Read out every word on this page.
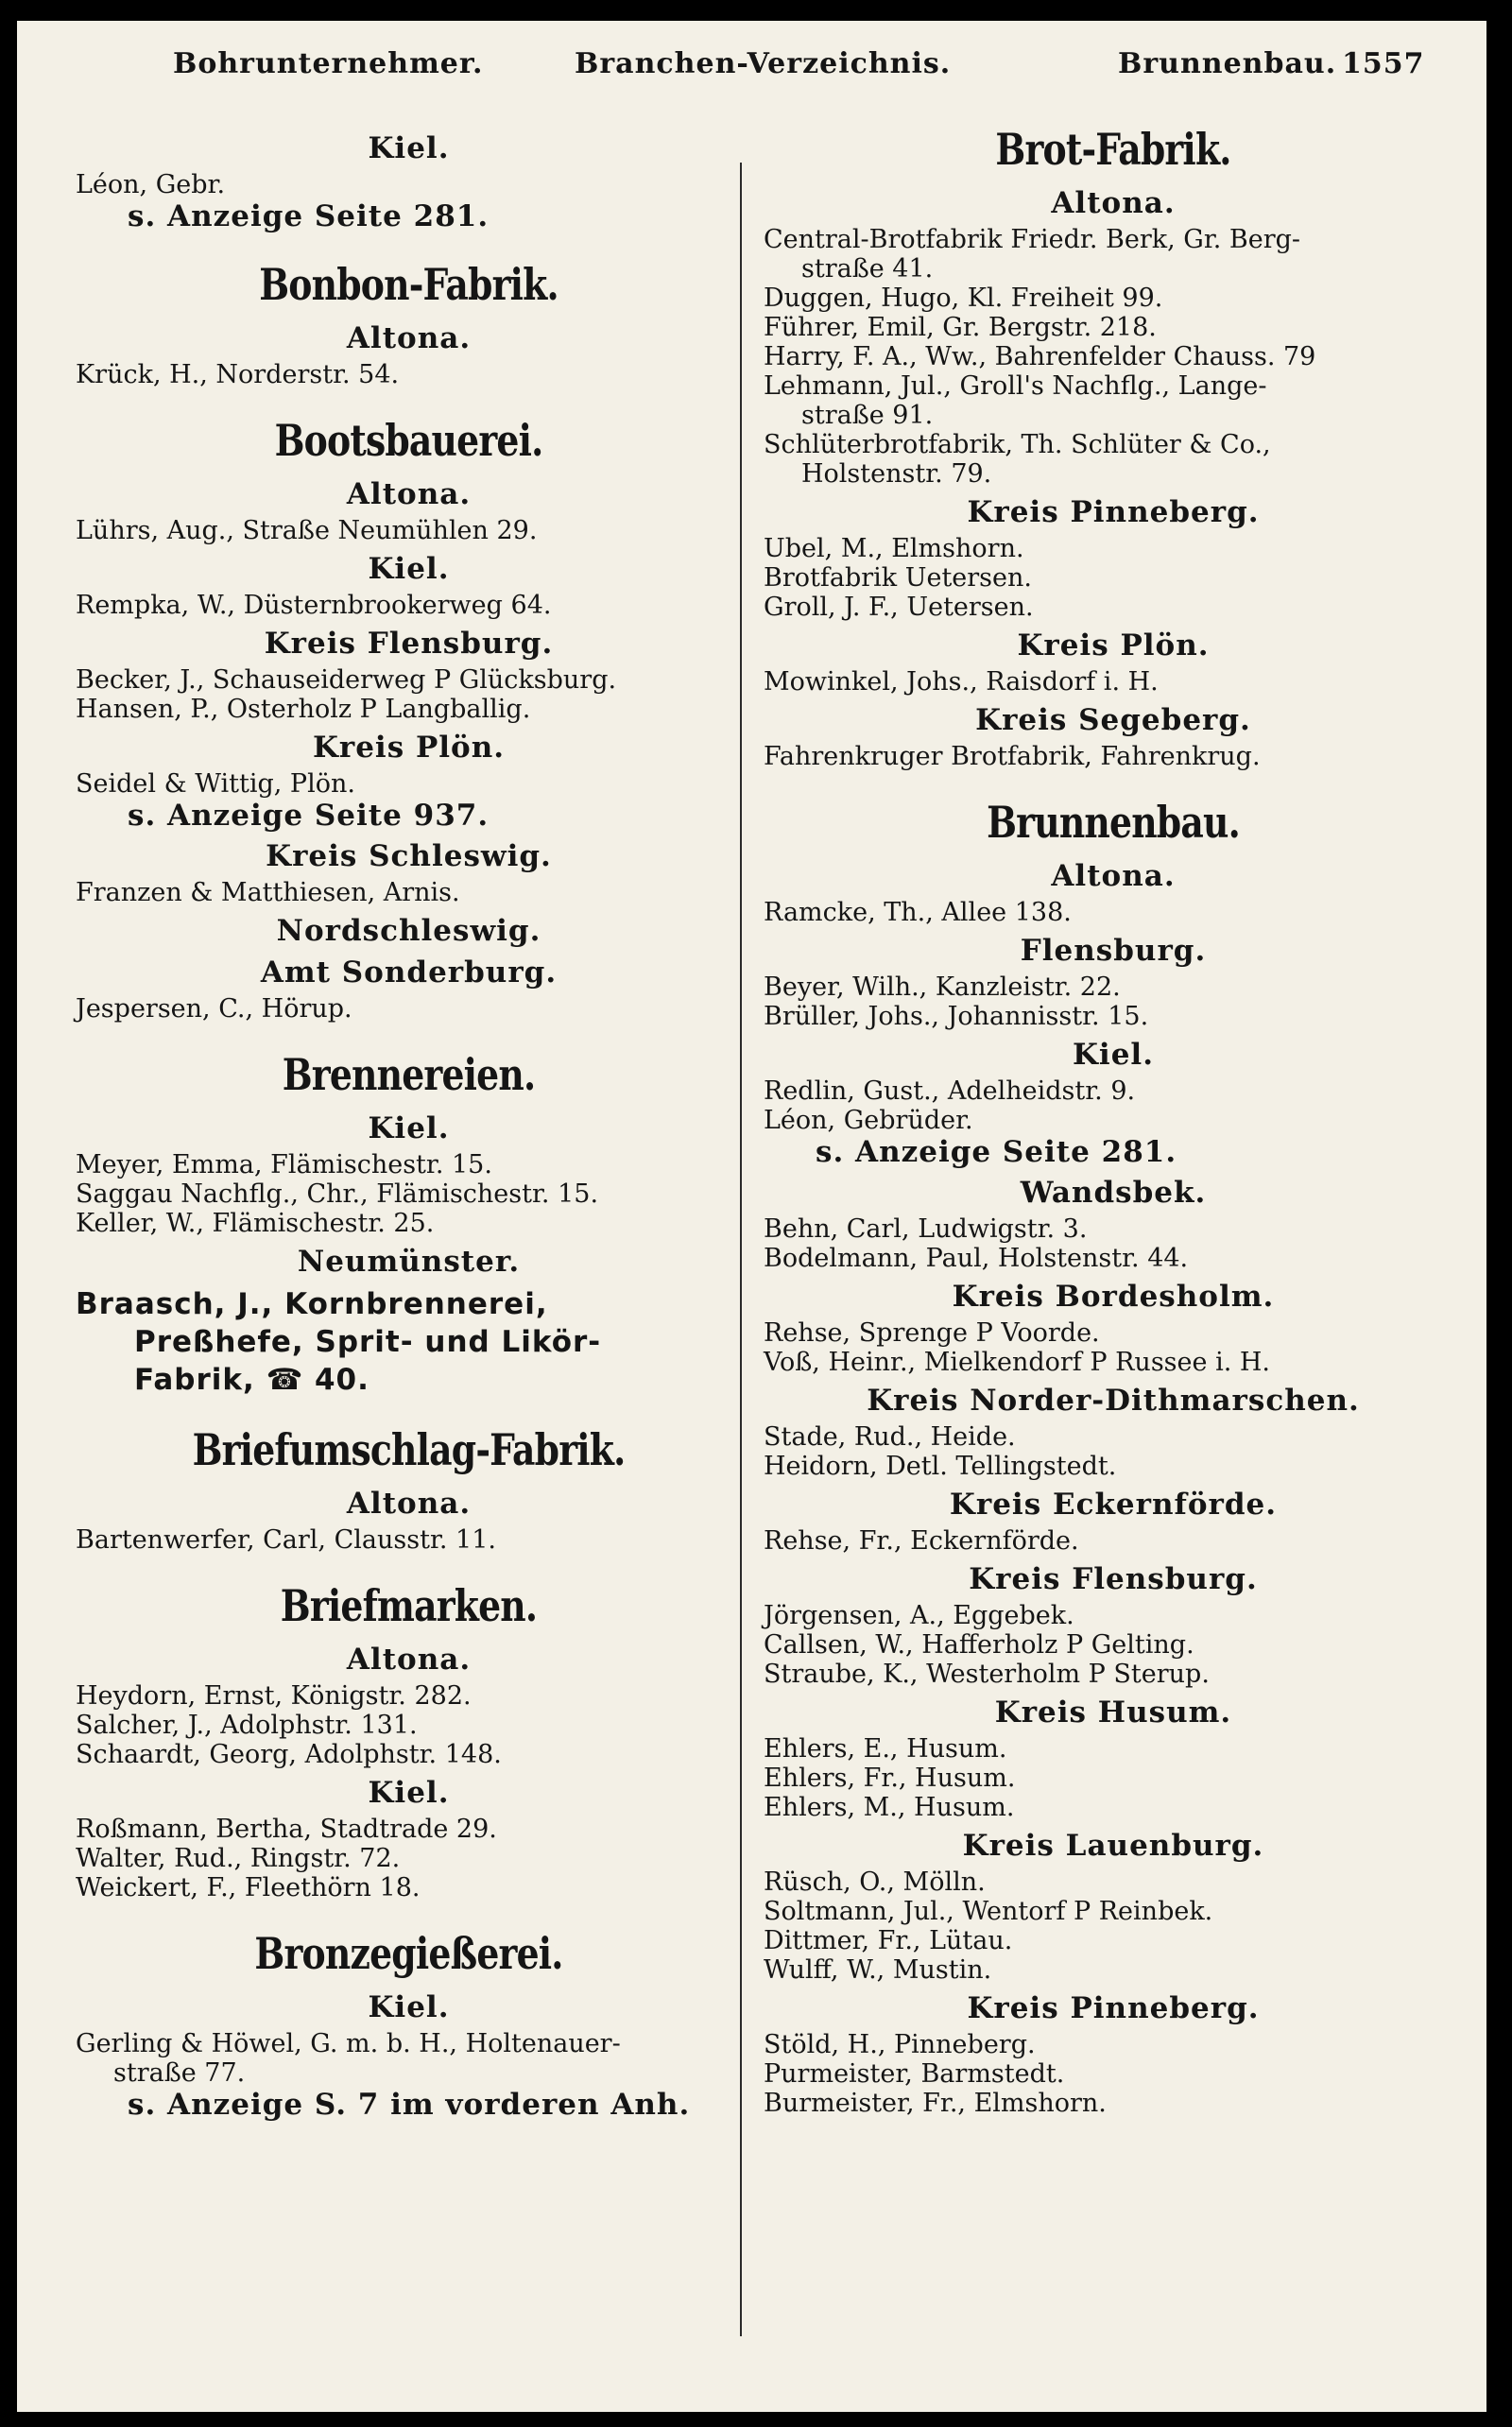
Bohrunternehmer.	Branchen-Verzeichnis.	Brunnenbau. 1557
Kiel.
Léon, Gebr.
s. Anzeige Seite 281.
Bonbon-Fabrik.
Altona.
Krück, H., Norderstr. 54.
Bootsbauerei.
Altona.
Lührs, Aug., Straße Neumühlen 29.
Kiel.
Rempka, W., Düsternbrookerweg 64.
Kreis Flensburg.
Becker, J., Schauseiderweg P Glücksburg.
Hansen, P., Osterholz P Langballig.
Kreis Plön.
Seidel & Wittig, Plön.
s. Anzeige Seite 937.
Kreis Schleswig.
Franzen & Matthiesen, Arnis.
Nordschleswig.
Amt Sonderburg.
Jespersen, C., Hörup.
Brennereien.
Kiel.
Meyer, Emma, Flämischestr. 15.
Saggau Nachflg., Chr., Flämischestr. 15.
Keller, W., Flämischestr. 25.
Neumünster.
Braasch, J., Kornbrennerei,
Preßhefe, Sprit- und Likör-
Fabrik, ☎ 40.
Briefumschlag-Fabrik.
Altona.
Bartenwerfer, Carl, Clausstr. 11.
Briefmarken.
Altona.
Heydorn, Ernst, Königstr. 282.
Salcher, J., Adolphstr. 131.
Schaardt, Georg, Adolphstr. 148.
Kiel.
Roßmann, Bertha, Stadtrade 29.
Walter, Rud., Ringstr. 72.
Weickert, F., Fleethörn 18.
Bronzegießerei.
Kiel.
Gerling & Höwel, G. m. b. H., Holtenauer-
straße 77.
s. Anzeige S. 7 im vorderen Anh.
Brot-Fabrik.
Altona.
Central-Brotfabrik Friedr. Berk, Gr. Berg-
straße 41.
Duggen, Hugo, Kl. Freiheit 99.
Führer, Emil, Gr. Bergstr. 218.
Harry, F. A., Ww., Bahrenfelder Chauss. 79
Lehmann, Jul., Groll's Nachflg., Lange-
straße 91.
Schlüterbrotfabrik, Th. Schlüter & Co.,
Holstenstr. 79.
Kreis Pinneberg.
Ubel, M., Elmshorn.
Brotfabrik Uetersen.
Groll, J. F., Uetersen.
Kreis Plön.
Mowinkel, Johs., Raisdorf i. H.
Kreis Segeberg.
Fahrenkruger Brotfabrik, Fahrenkrug.
Brunnenbau.
Altona.
Ramcke, Th., Allee 138.
Flensburg.
Beyer, Wilh., Kanzleistr. 22.
Brüller, Johs., Johannisstr. 15.
Kiel.
Redlin, Gust., Adelheidstr. 9.
Léon, Gebrüder.
s. Anzeige Seite 281.
Wandsbek.
Behn, Carl, Ludwigstr. 3.
Bodelmann, Paul, Holstenstr. 44.
Kreis Bordesholm.
Rehse, Sprenge P Voorde.
Voß, Heinr., Mielkendorf P Russee i. H.
Kreis Norder-Dithmarschen.
Stade, Rud., Heide.
Heidorn, Detl. Tellingstedt.
Kreis Eckernförde.
Rehse, Fr., Eckernförde.
Kreis Flensburg.
Jörgensen, A., Eggebek.
Callsen, W., Hafferholz P Gelting.
Straube, K., Westerholm P Sterup.
Kreis Husum.
Ehlers, E., Husum.
Ehlers, Fr., Husum.
Ehlers, M., Husum.
Kreis Lauenburg.
Rüsch, O., Mölln.
Soltmann, Jul., Wentorf P Reinbek.
Dittmer, Fr., Lütau.
Wulff, W., Mustin.
Kreis Pinneberg.
Stöld, H., Pinneberg.
Purmeister, Barmstedt.
Burmeister, Fr., Elmshorn.
